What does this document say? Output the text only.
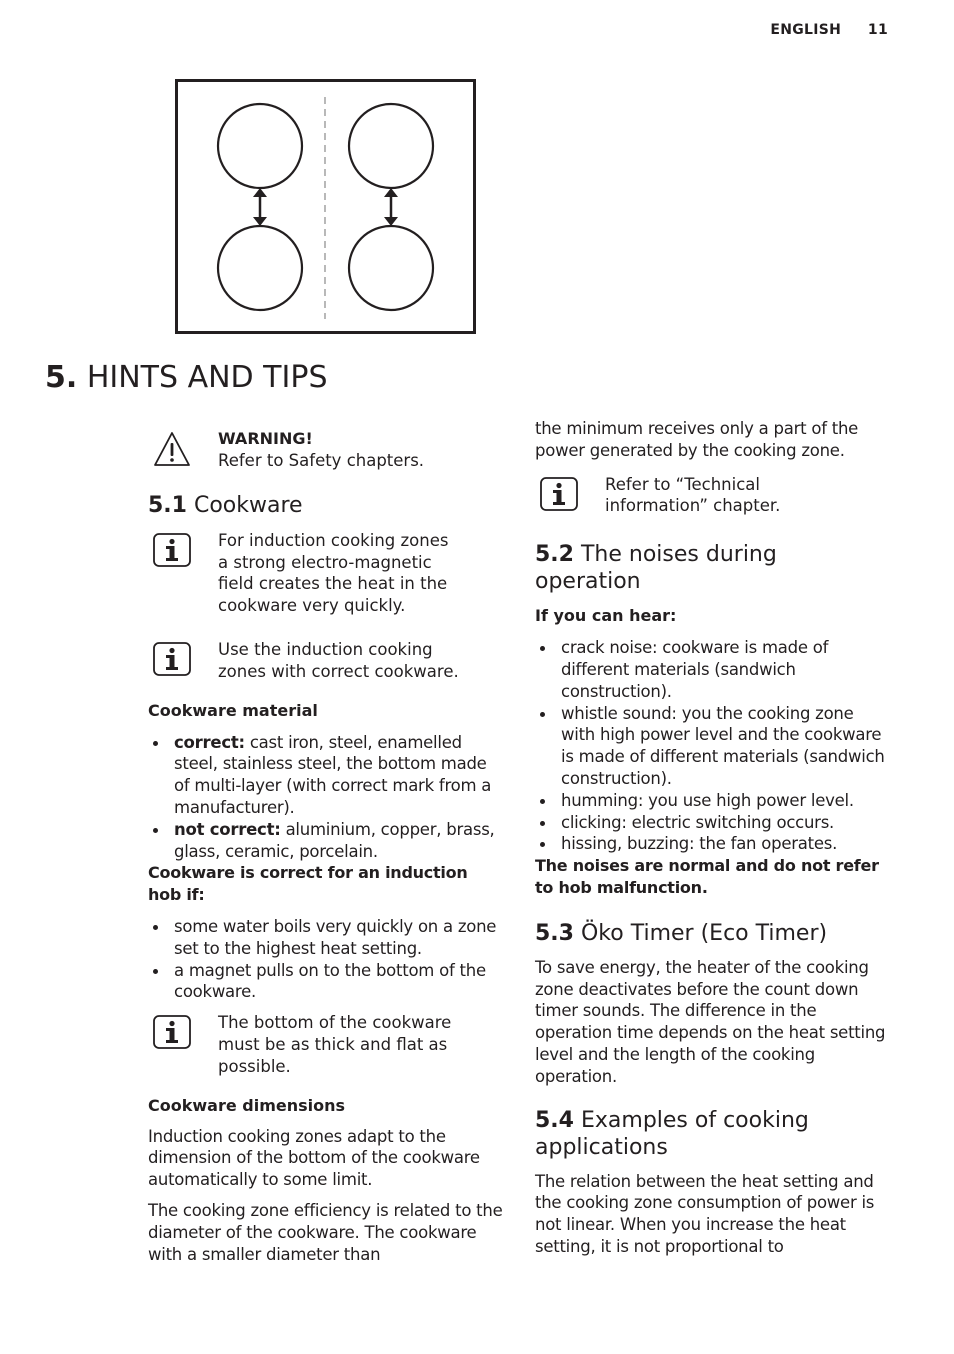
ENGLISH 11
5. HINTS AND TIPS
WARNING!
Refer to Safety chapters.
5.1 Cookware
For induction cooking zones
a strong electro-magnetic
field creates the heat in the
cookware very quickly.
Use the induction cooking
zones with correct cookware.
Cookware material
correct: cast iron, steel, enamelled steel, stainless steel, the bottom made of multi-layer (with correct mark from a manufacturer).
not correct: aluminium, copper, brass, glass, ceramic, porcelain.
Cookware is correct for an induction hob if:
some water boils very quickly on a zone set to the highest heat setting.
a magnet pulls on to the bottom of the cookware.
The bottom of the cookware
must be as thick and flat as
possible.
Cookware dimensions

Induction cooking zones adapt to the dimension of the bottom of the cookware automatically to some limit.

The cooking zone efficiency is related to the diameter of the cookware. The cookware with a smaller diameter than

the minimum receives only a part of the power generated by the cooking zone.

Refer to “Technical
information” chapter.
5.2 The noises during
operation
If you can hear:
crack noise: cookware is made of different materials (sandwich construction).
whistle sound: you the cooking zone with high power level and the cookware is made of different materials (sandwich construction).
humming: you use high power level.
clicking: electric switching occurs.
hissing, buzzing: the fan operates.
The noises are normal and do not refer to hob malfunction.
5.3 Öko Timer (Eco Timer)

To save energy, the heater of the cooking zone deactivates before the count down timer sounds. The difference in the operation time depends on the heat setting level and the length of the cooking operation.

5.4 Examples of cooking
applications

The relation between the heat setting and the cooking zone consumption of power is not linear. When you increase the heat setting, it is not proportional to
